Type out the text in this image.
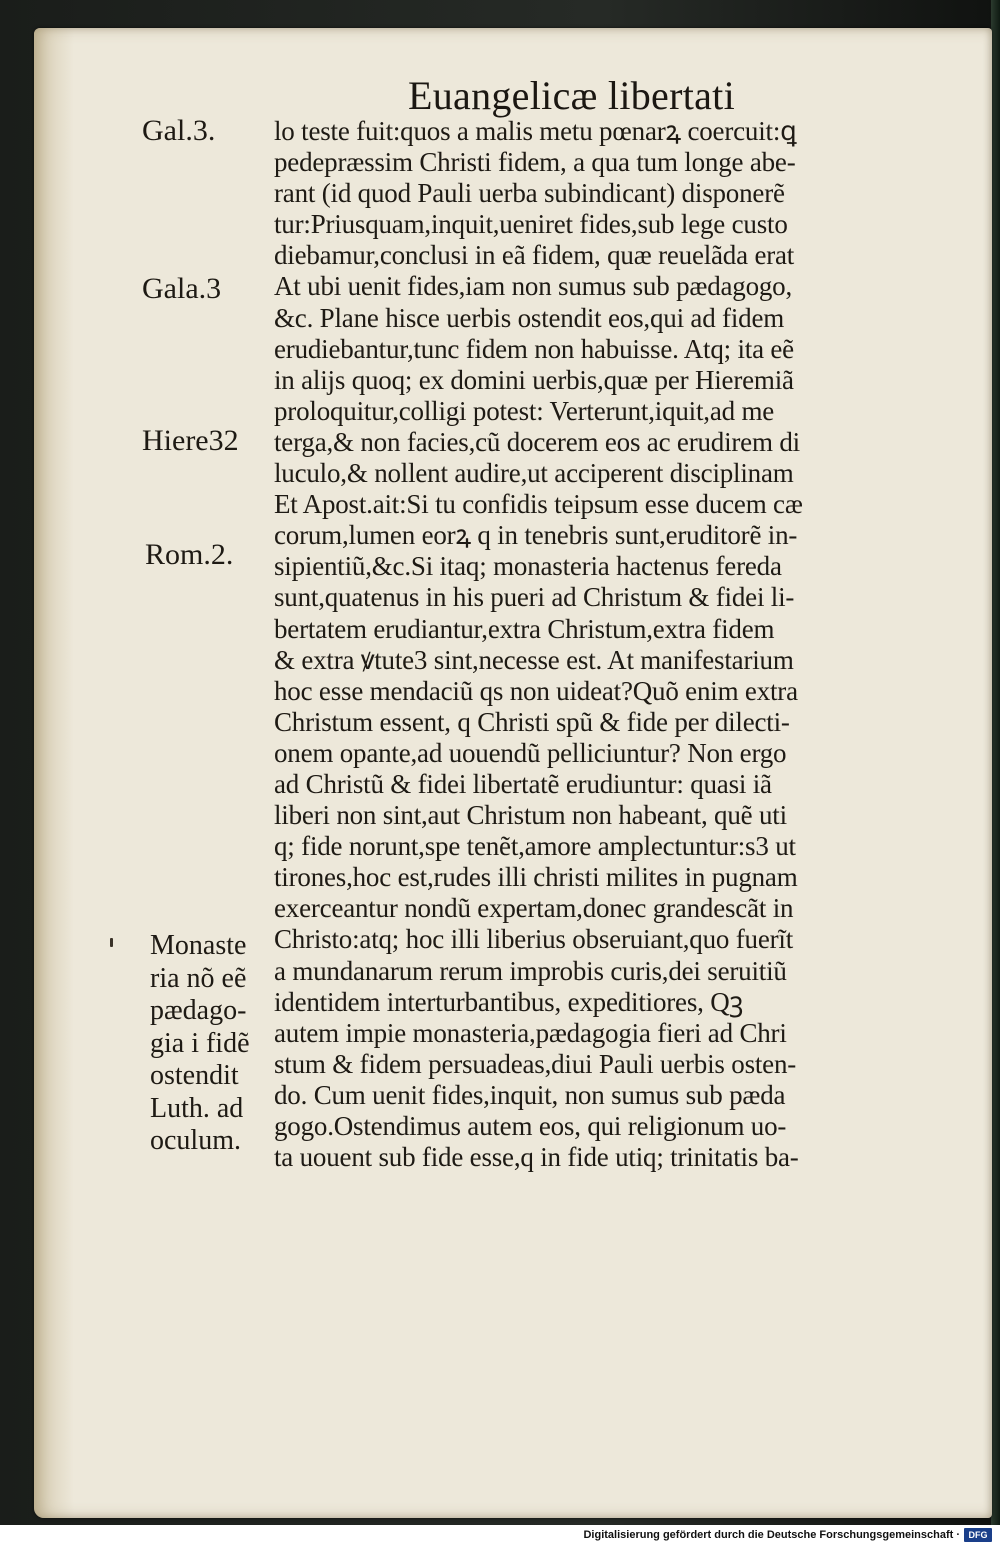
Euangelicæ libertati
lo teste fuit:quos a malis metu pœnarꝝ coercuit:ꝗ
pedepræssim Christi fidem, a qua tum longe abe-
rant (id quod Pauli uerba subindicant) disponerẽ
tur:Priusquam,inquit,ueniret fides,sub lege custo
diebamur,conclusi in eã fidem, quæ reuelãda erat
At ubi uenit fides,iam non sumus sub pædagogo,
&c. Plane hisce uerbis ostendit eos,qui ad fidem
erudiebantur,tunc fidem non habuisse. Atq; ita eẽ
in alijs quoq; ex domini uerbis,quæ per Hieremiã
proloquitur,colligi potest: Verterunt,iquit,ad me
terga,& non facies,cũ docerem eos ac erudirem di
luculo,& nollent audire,ut acciperent disciplinam
Et Apost.ait:Si tu confidis teipsum esse ducem cæ
corum,lumen eorꝝ q in tenebris sunt,eruditorẽ in-
sipientiũ,&c.Si itaq; monasteria hactenus fereda
sunt,quatenus in his pueri ad Christum & fidei li-
bertatem erudiantur,extra Christum,extra fidem
& extra ꝟtute3 sint,necesse est. At manifestarium
hoc esse mendaciũ qs non uideat?Quõ enim extra
Christum essent, q Christi spũ & fide per dilecti-
onem opante,ad uouendũ pelliciuntur? Non ergo
ad Christũ & fidei libertatẽ erudiuntur: quasi iã
liberi non sint,aut Christum non habeant, quẽ uti
q; fide norunt,spe tenẽt,amore amplectuntur:s3 ut
tirones,hoc est,rudes illi christi milites in pugnam
exerceantur nondũ expertam,donec grandescãt in
Christo:atq; hoc illi liberius obseruiant,quo fuerĩt
a mundanarum rerum improbis curis,dei seruitiũ
identidem interturbantibus, expeditiores, Qꝫ
autem impie monasteria,pædagogia fieri ad Chri
stum & fidem persuadeas,diui Pauli uerbis osten-
do. Cum uenit fides,inquit, non sumus sub pæda
gogo.Ostendimus autem eos, qui religionum uo-
ta uouent sub fide esse,q in fide utiq; trinitatis ba-
Gal.3.
Gala.3
Hiere32
Rom.2.
Monaste
ria nõ eẽ
pædago-
gia i fidẽ
ostendit
Luth. ad
oculum.
Digitalisierung gefördert durch die Deutsche Forschungsgemeinschaft · DFG
